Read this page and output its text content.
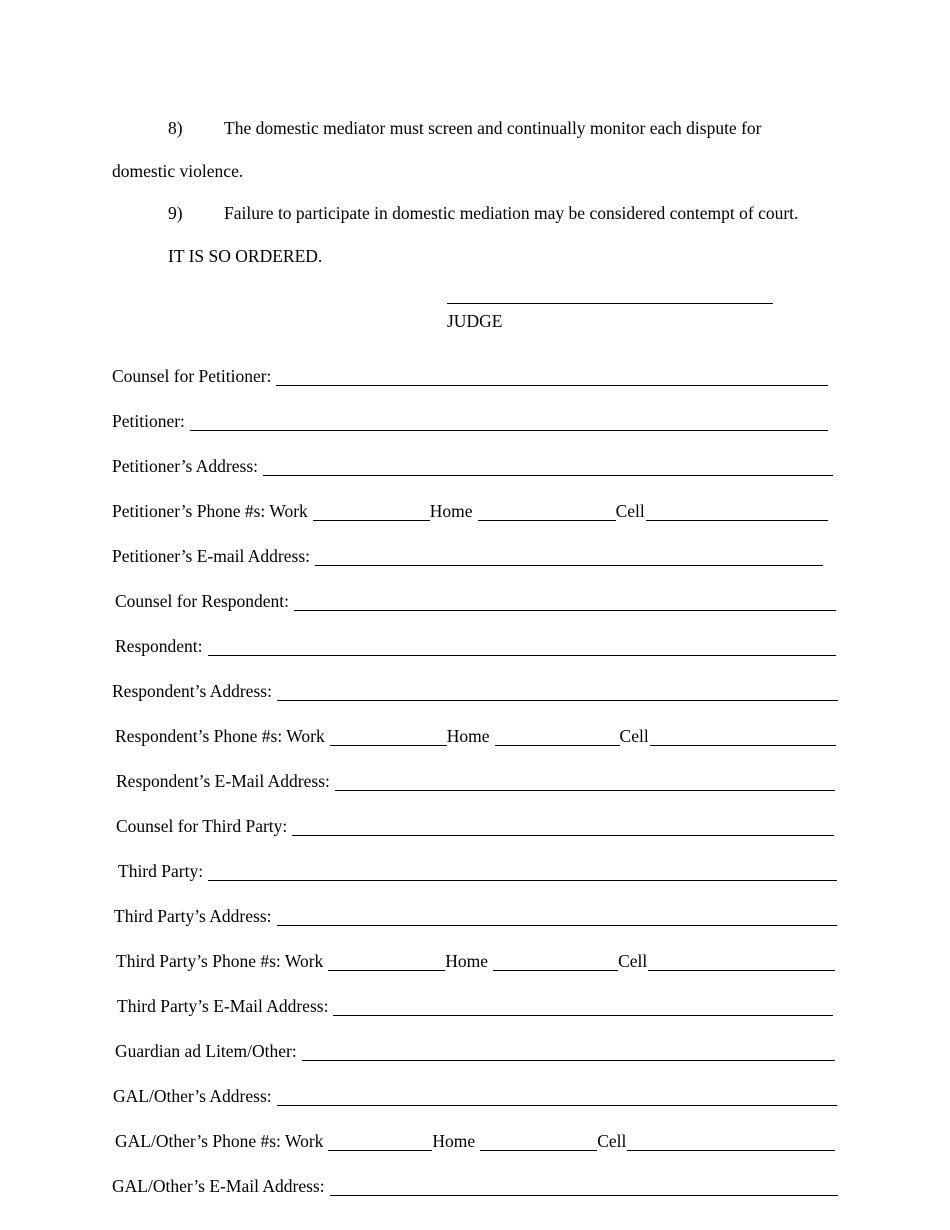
8) The domestic mediator must screen and continually monitor each dispute for
domestic violence.
9) Failure to participate in domestic mediation may be considered contempt of court.
IT IS SO ORDERED.
JUDGE
Counsel for Petitioner:
Petitioner:
Petitioner’s Address:
Petitioner’s Phone #s: Work	Home	Cell
Petitioner’s E-mail Address:
Counsel for Respondent:
Respondent:
Respondent’s Address:
Respondent’s Phone #s: Work	Home	Cell
Respondent’s E-Mail Address:
Counsel for Third Party:
Third Party:
Third Party’s Address:
Third Party’s Phone #s: Work	Home	Cell
Third Party’s E-Mail Address:
Guardian ad Litem/Other:
GAL/Other’s Address:
GAL/Other’s Phone #s: Work	Home	Cell
GAL/Other’s E-Mail Address:
